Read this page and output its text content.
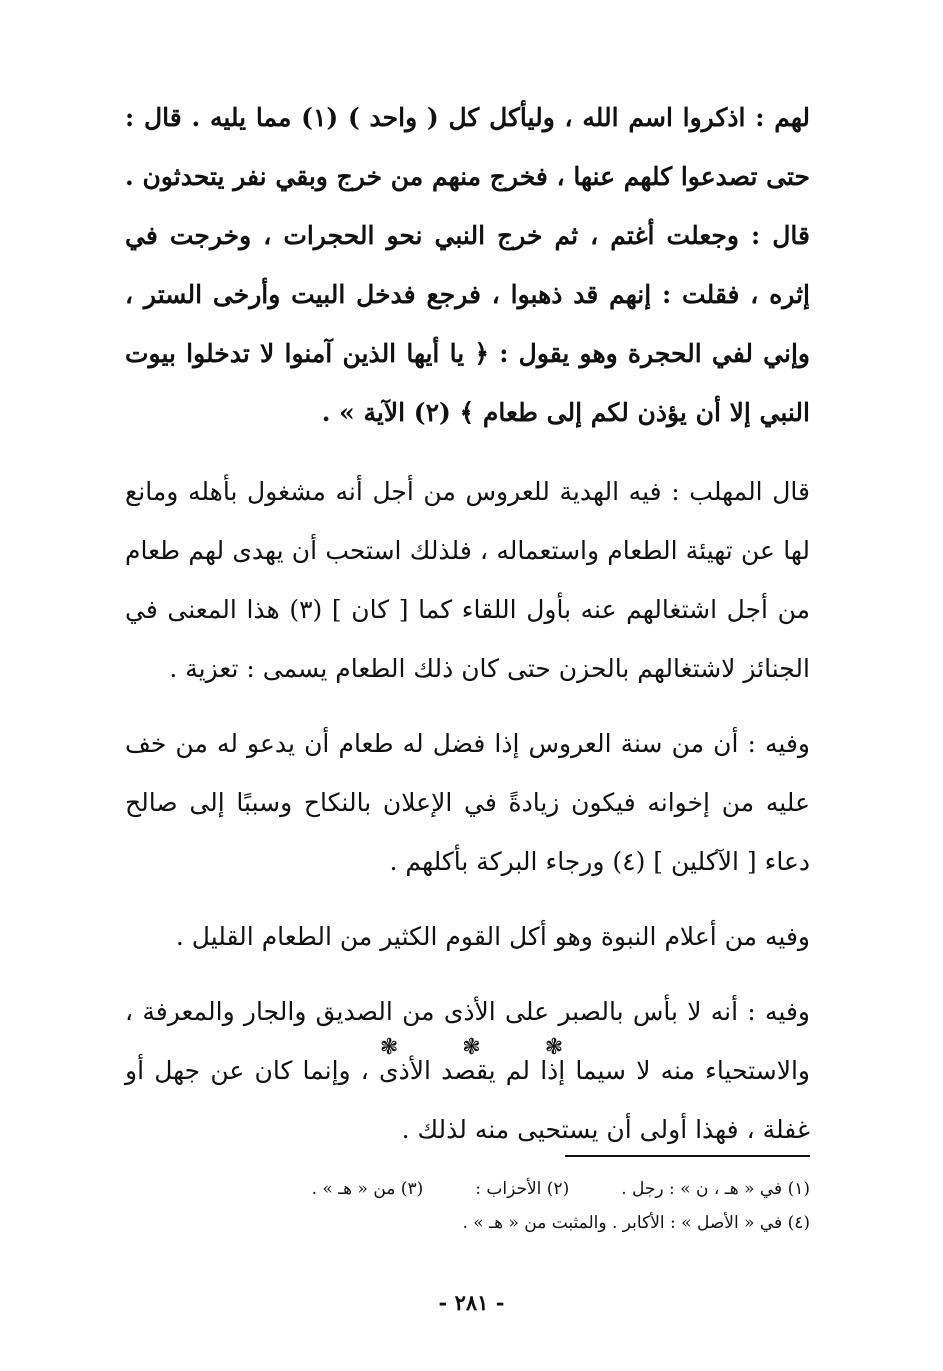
لهم : اذكروا اسم الله ، وليأكل كل ( واحد ) (١) مما يليه . قال : حتى تصدعوا كلهم عنها ، فخرج منهم من خرج وبقي نفر يتحدثون . قال : وجعلت أغتم ، ثم خرج النبي نحو الحجرات ، وخرجت في إثره ، فقلت : إنهم قد ذهبوا ، فرجع فدخل البيت وأرخى الستر ، وإني لفي الحجرة وهو يقول : ﴿ يا أيها الذين آمنوا لا تدخلوا بيوت النبي إلا أن يؤذن لكم إلى طعام ﴾ (٢) الآية » .

قال المهلب : فيه الهدية للعروس من أجل أنه مشغول بأهله ومانع لها عن تهيئة الطعام واستعماله ، فلذلك استحب أن يهدى لهم طعام من أجل اشتغالهم عنه بأول اللقاء كما [ كان ] (٣) هذا المعنى في الجنائز لاشتغالهم بالحزن حتى كان ذلك الطعام يسمى : تعزية .

وفيه : أن من سنة العروس إذا فضل له طعام أن يدعو له من خف عليه من إخوانه فيكون زيادةً في الإعلان بالنكاح وسببًا إلى صالح دعاء [ الآكلين ] (٤) ورجاء البركة بأكلهم .

وفيه من أعلام النبوة وهو أكل القوم الكثير من الطعام القليل .

وفيه : أنه لا بأس بالصبر على الأذى من الصديق والجار والمعرفة ، والاستحياء منه لا سيما إذا لم يقصد الأذى ، وإنما كان عن جهل أو غفلة ، فهذا أولى أن يستحيى منه لذلك .

❃
❃
❃
(١) في « هـ ، ن » : رجل .
(٢) الأحزاب :
(٣) من « هـ » .
(٤) في « الأصل » : الأكابر . والمثبت من « هـ » .
- ٢٨١ -
